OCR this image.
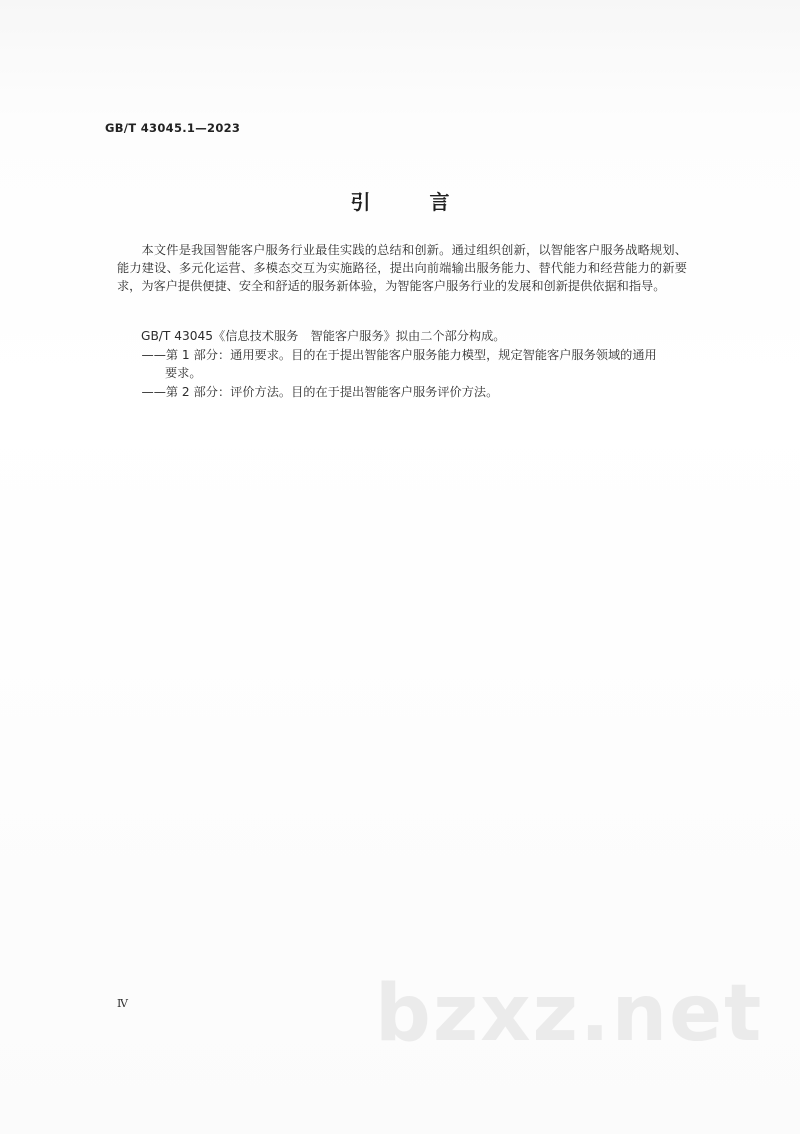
GB/T 43045.1—2023
引 言

本文件是我国智能客户服务行业最佳实践的总结和创新。通过组织创新，以智能客户服务战略规划、能力建设、多元化运营、多模态交互为实施路径，提出向前端输出服务能力、替代能力和经营能力的新要求，为客户提供便捷、安全和舒适的服务新体验，为智能客户服务行业的发展和创新提供依据和指导。

GB/T 43045《信息技术服务　智能客户服务》拟由二个部分构成。
——第 1 部分：通用要求。目的在于提出智能客户服务能力模型，规定智能客户服务领域的通用
要求。
——第 2 部分：评价方法。目的在于提出智能客户服务评价方法。
Ⅳ	bzxz.net
